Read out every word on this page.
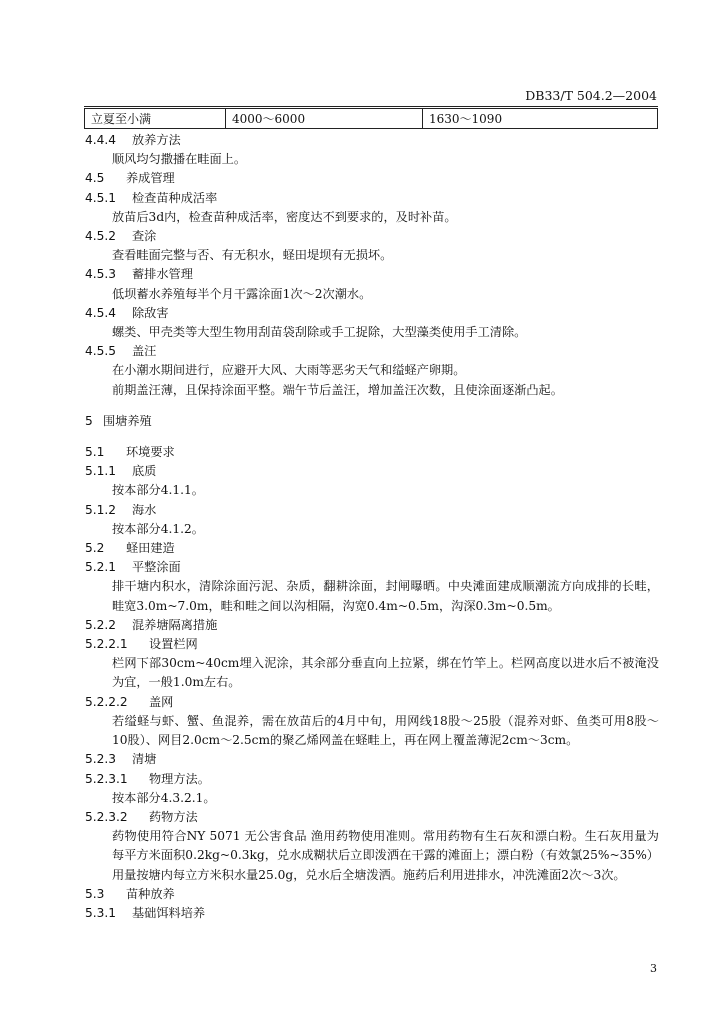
DB33/T 504.2—2004
立夏至小满	4000～6000	1630～1090
4.4.4 放养方法
顺风均匀撒播在畦面上。
4.5 养成管理
4.5.1 检查苗种成活率
放苗后3d内，检查苗种成活率，密度达不到要求的，及时补苗。
4.5.2 查涂
查看畦面完整与否、有无积水，蛏田堤坝有无损坏。
4.5.3 蓄排水管理
低坝蓄水养殖每半个月干露涂面1次～2次潮水。
4.5.4 除敌害
螺类、甲壳类等大型生物用刮苗袋刮除或手工捉除，大型藻类使用手工清除。
4.5.5 盖汪
在小潮水期间进行，应避开大风、大雨等恶劣天气和缢蛏产卵期。
前期盖汪薄，且保持涂面平整。端午节后盖汪，增加盖汪次数，且使涂面逐渐凸起。
5 围塘养殖
5.1 环境要求
5.1.1 底质
按本部分4.1.1。
5.1.2 海水
按本部分4.1.2。
5.2 蛏田建造
5.2.1 平整涂面
排干塘内积水，清除涂面污泥、杂质，翻耕涂面，封闸曝晒。中央滩面建成顺潮流方向成排的长畦，畦宽3.0m~7.0m，畦和畦之间以沟相隔，沟宽0.4m~0.5m，沟深0.3m~0.5m。
5.2.2 混养塘隔离措施
5.2.2.1 设置栏网
栏网下部30cm~40cm埋入泥涂，其余部分垂直向上拉紧，绑在竹竿上。栏网高度以进水后不被淹没为宜，一般1.0m左右。
5.2.2.2 盖网
若缢蛏与虾、蟹、鱼混养，需在放苗后的4月中旬，用网线18股～25股（混养对虾、鱼类可用8股～10股）、网目2.0cm～2.5cm的聚乙烯网盖在蛏畦上，再在网上覆盖薄泥2cm～3cm。
5.2.3 清塘
5.2.3.1 物理方法。
按本部分4.3.2.1。
5.2.3.2 药物方法
药物使用符合NY 5071 无公害食品 渔用药物使用准则。常用药物有生石灰和漂白粉。生石灰用量为每平方米面积0.2kg~0.3kg，兑水成糊状后立即泼洒在干露的滩面上；漂白粉（有效氯25%~35%）用量按塘内每立方米积水量25.0g，兑水后全塘泼洒。施药后利用进排水，冲洗滩面2次～3次。
5.3 苗种放养
5.3.1 基础饵料培养
3
